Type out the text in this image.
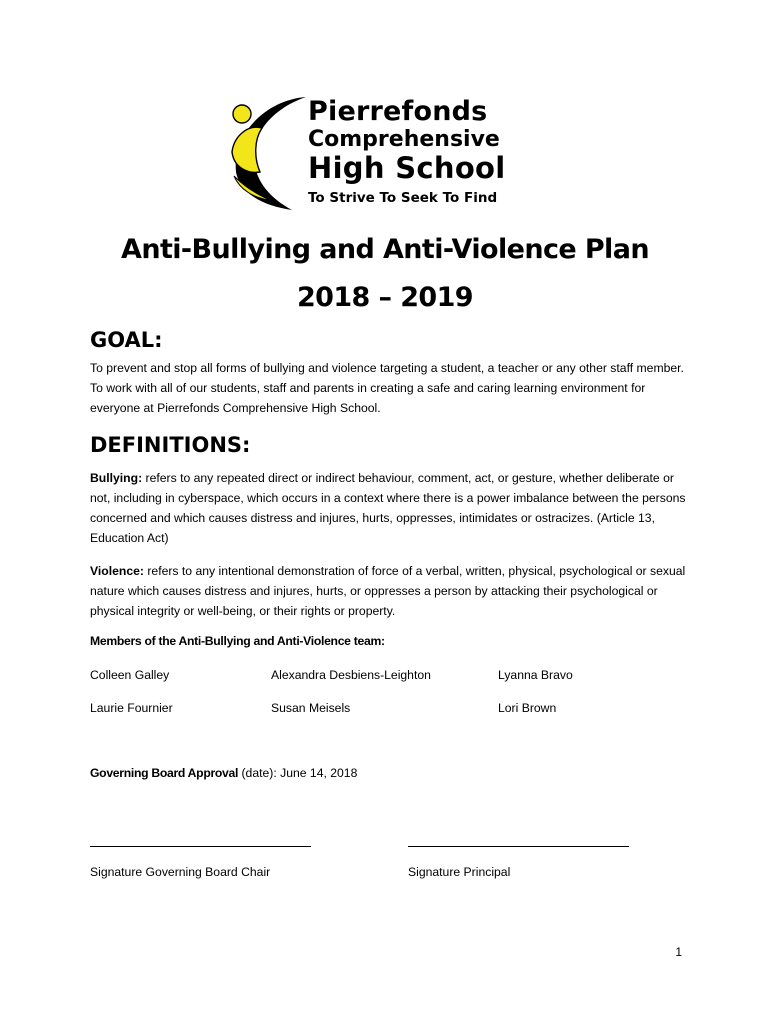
Pierrefonds
Comprehensive
High School
To Strive To Seek To Find
Anti-Bullying and Anti-Violence Plan
2018 – 2019
GOAL:
To prevent and stop all forms of bullying and violence targeting a student, a teacher or any other staff member. To work with all of our students, staff and parents in creating a safe and caring learning environment for everyone at Pierrefonds Comprehensive High School.
DEFINITIONS:
Bullying: refers to any repeated direct or indirect behaviour, comment, act, or gesture, whether deliberate or not, including in cyberspace, which occurs in a context where there is a power imbalance between the persons concerned and which causes distress and injures, hurts, oppresses, intimidates or ostracizes. (Article 13, Education Act)
Violence: refers to any intentional demonstration of force of a verbal, written, physical, psychological or sexual nature which causes distress and injures, hurts, or oppresses a person by attacking their psychological or physical integrity or well-being, or their rights or property.
Members of the Anti-Bullying and Anti-Violence team:
Colleen Galley	Alexandra Desbiens-Leighton	Lyanna Bravo
Laurie Fournier	Susan Meisels	Lori Brown
Governing Board Approval (date): June 14, 2018
Signature Governing Board Chair	Signature Principal
1
